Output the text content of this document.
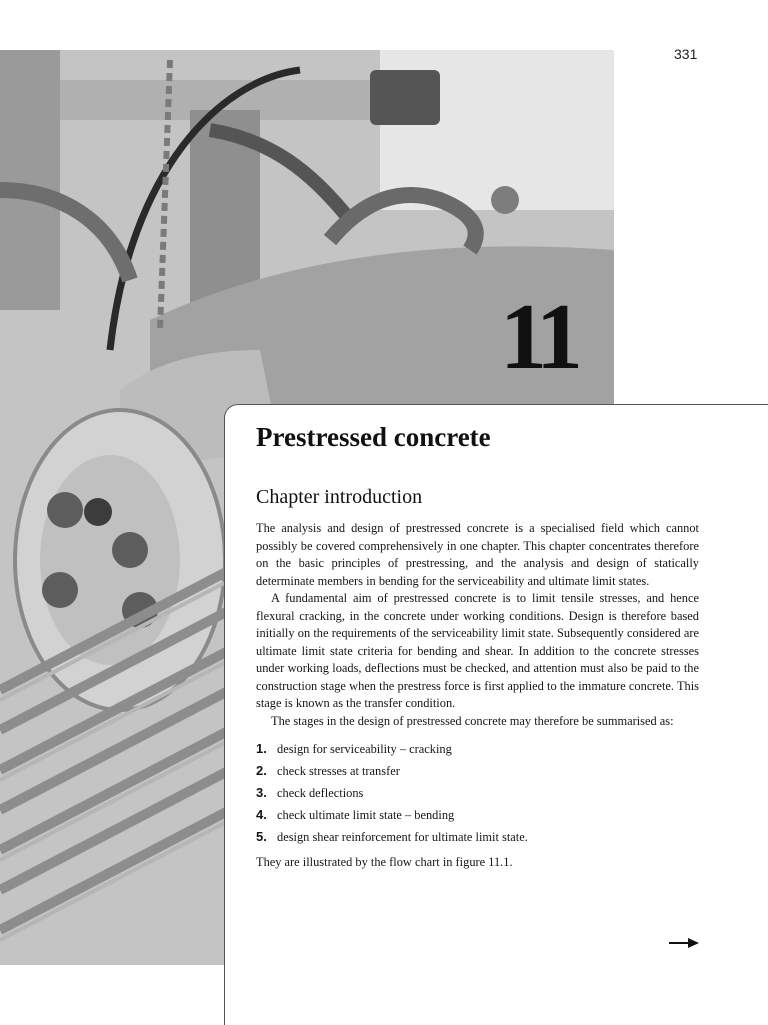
331
11
Prestressed concrete
Chapter introduction

The analysis and design of prestressed concrete is a specialised field which cannot possibly be covered comprehensively in one chapter. This chapter concentrates therefore on the basic principles of prestressing, and the analysis and design of statically determinate members in bending for the serviceability and ultimate limit states.

A fundamental aim of prestressed concrete is to limit tensile stresses, and hence flexural cracking, in the concrete under working conditions. Design is therefore based initially on the requirements of the serviceability limit state. Subsequently considered are ultimate limit state criteria for bending and shear. In addition to the concrete stresses under working loads, deflections must be checked, and attention must also be paid to the construction stage when the prestress force is first applied to the immature concrete. This stage is known as the transfer condition.

The stages in the design of prestressed concrete may therefore be summarised as:

1. design for serviceability – cracking
2. check stresses at transfer
3. check deflections
4. check ultimate limit state – bending
5. design shear reinforcement for ultimate limit state.

They are illustrated by the flow chart in figure 11.1.
